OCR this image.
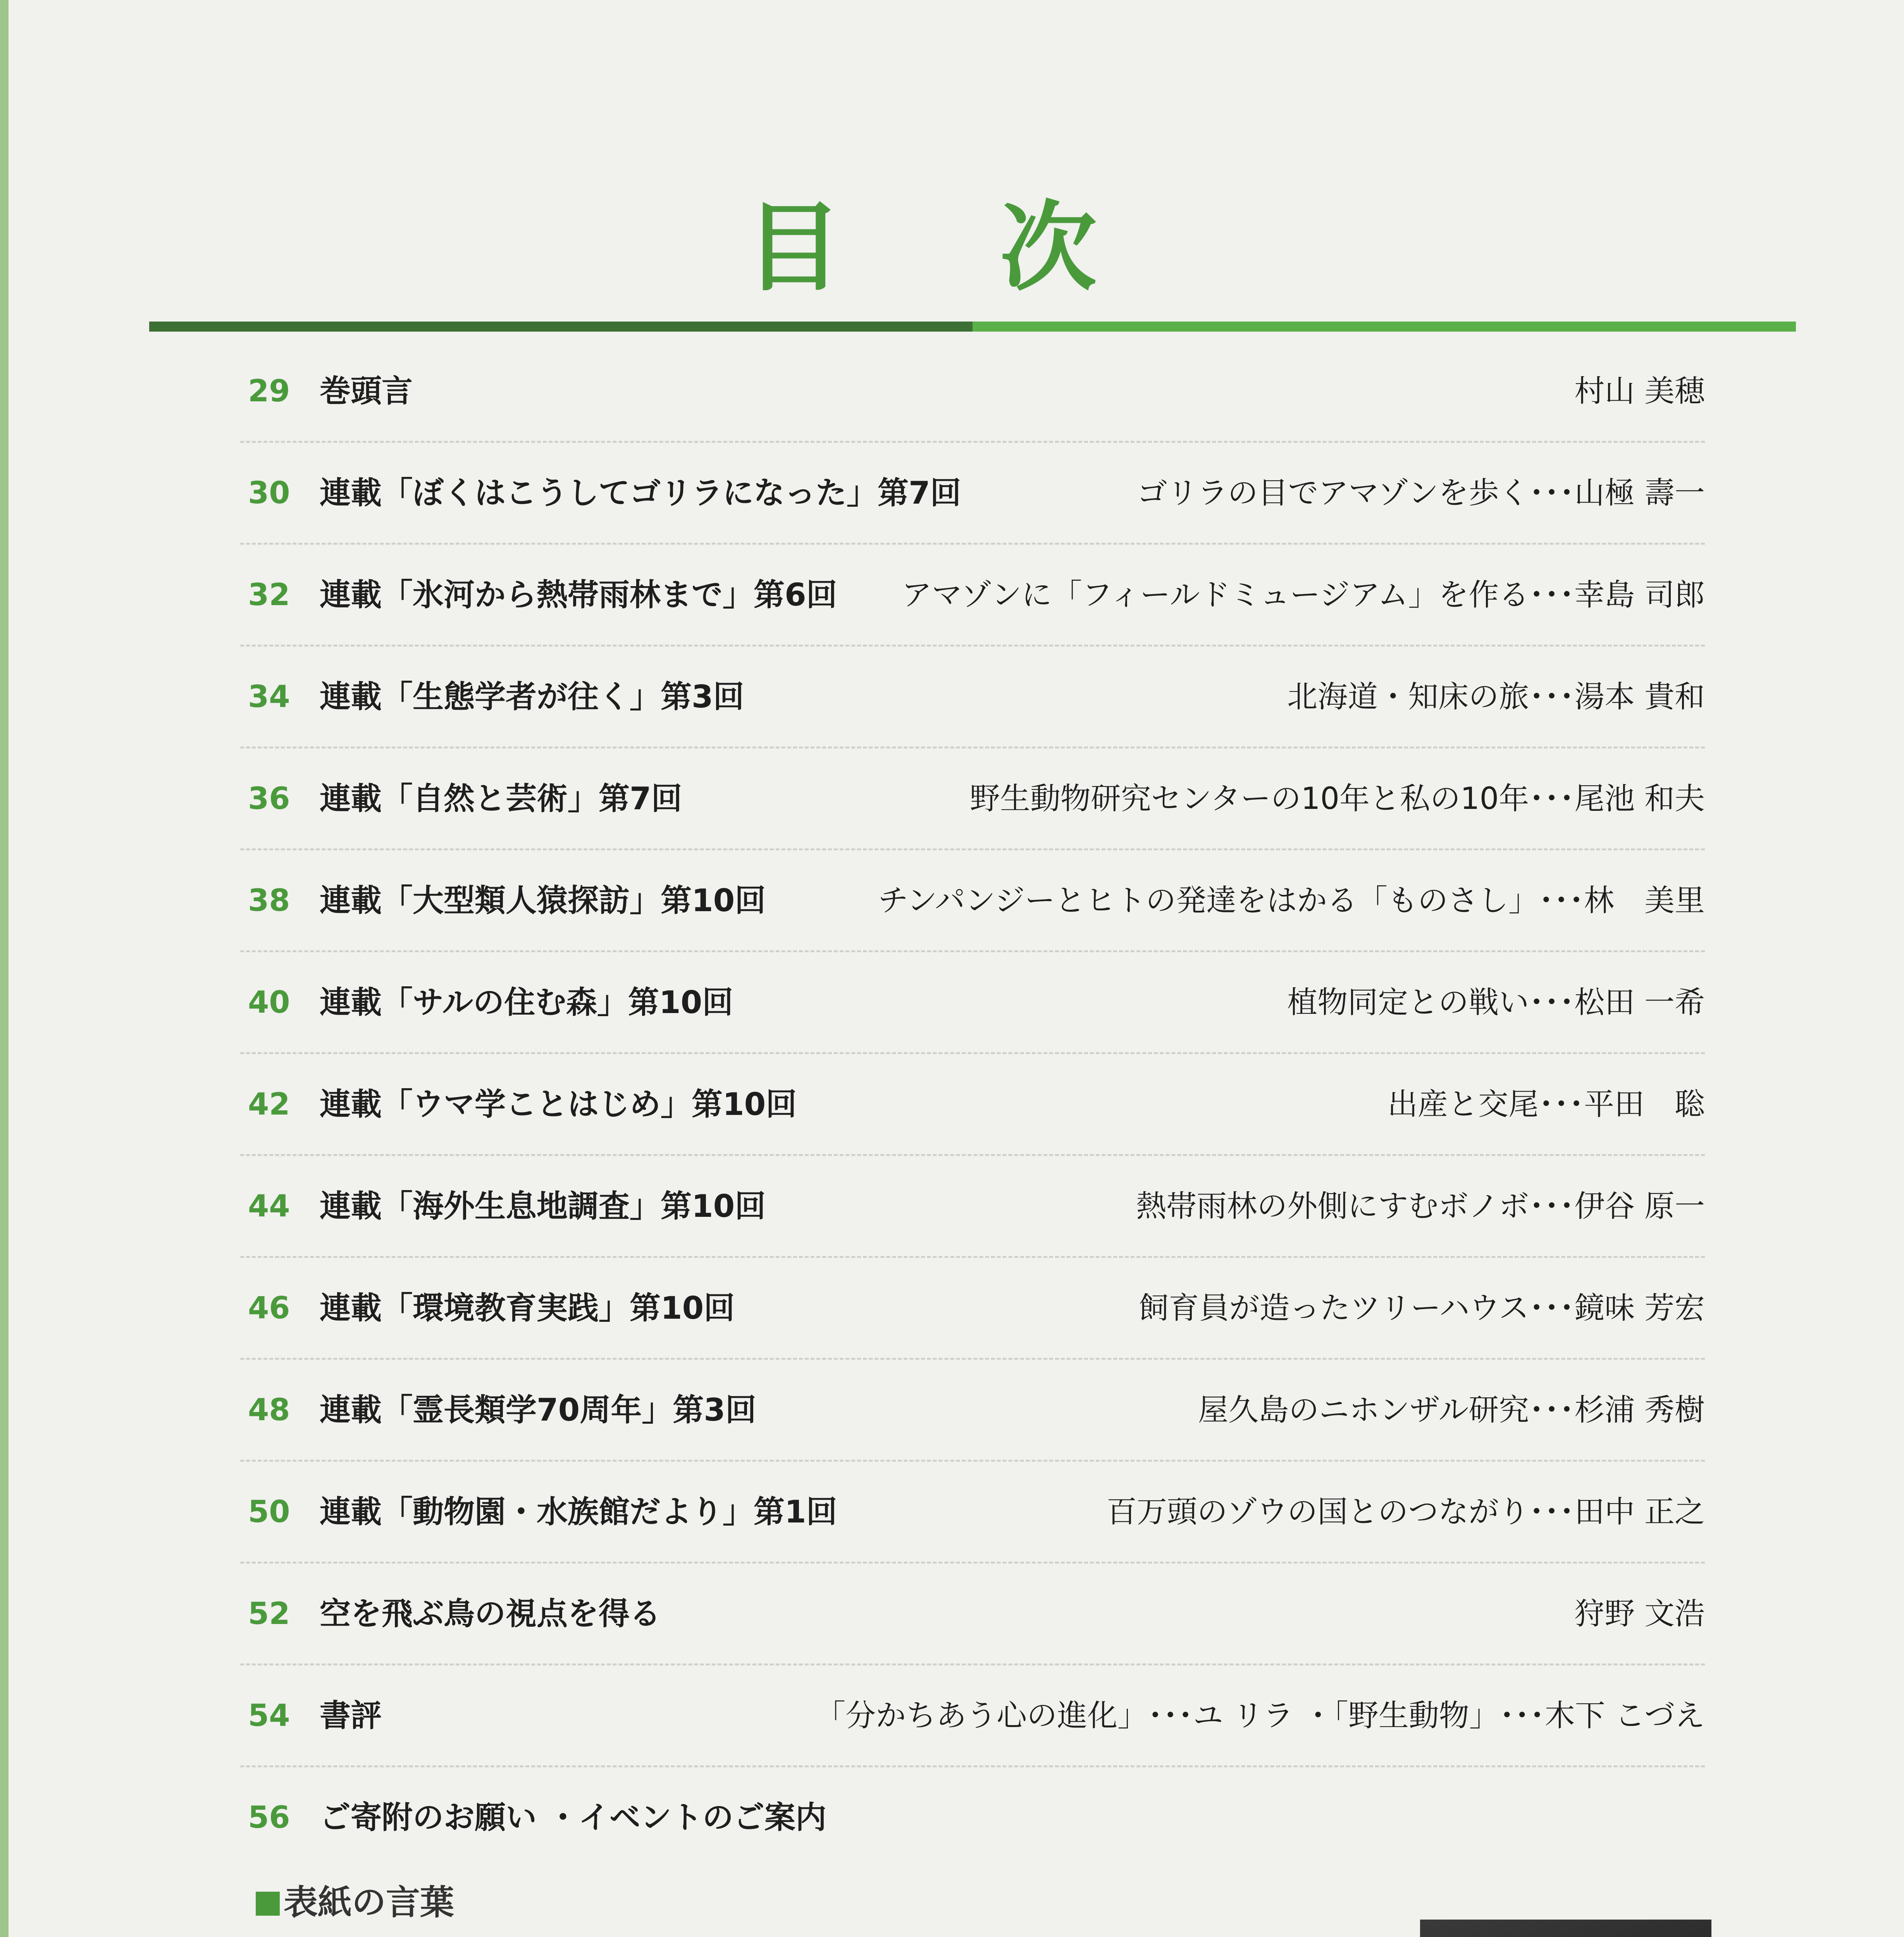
目 次
29 巻頭言	村山 美穂
30 連載「ぼくはこうしてゴリラになった」第7回	ゴリラの目でアマゾンを歩く･･･山極 壽一
32 連載「氷河から熱帯雨林まで」第6回 アマゾンに「フィールドミュージアム」を作る･･･幸島 司郎
34 連載「生態学者が往く」第3回	北海道・知床の旅･･･湯本 貴和
36 連載「自然と芸術」第7回	野生動物研究センターの10年と私の10年･･･尾池 和夫
38 連載「大型類人猿探訪」第10回	チンパンジーとヒトの発達をはかる「ものさし」･･･林　美里
40 連載「サルの住む森」第10回	植物同定との戦い･･･松田 一希
42 連載「ウマ学ことはじめ」第10回	出産と交尾･･･平田　聡
44 連載「海外生息地調査」第10回	熱帯雨林の外側にすむボノボ･･･伊谷 原一
46 連載「環境教育実践」第10回	飼育員が造ったツリーハウス･･･鏡味 芳宏
48 連載「霊長類学70周年」第3回	屋久島のニホンザル研究･･･杉浦 秀樹
50 連載「動物園・水族館だより」第1回	百万頭のゾウの国とのつながり･･･田中 正之
52 空を飛ぶ鳥の視点を得る	狩野 文浩
54 書評	「分かちあう心の進化」･･･ユ リラ ・「野生動物」･･･木下 こづえ
56 ご寄附のお願い ・イベントのご案内
表紙の言葉
